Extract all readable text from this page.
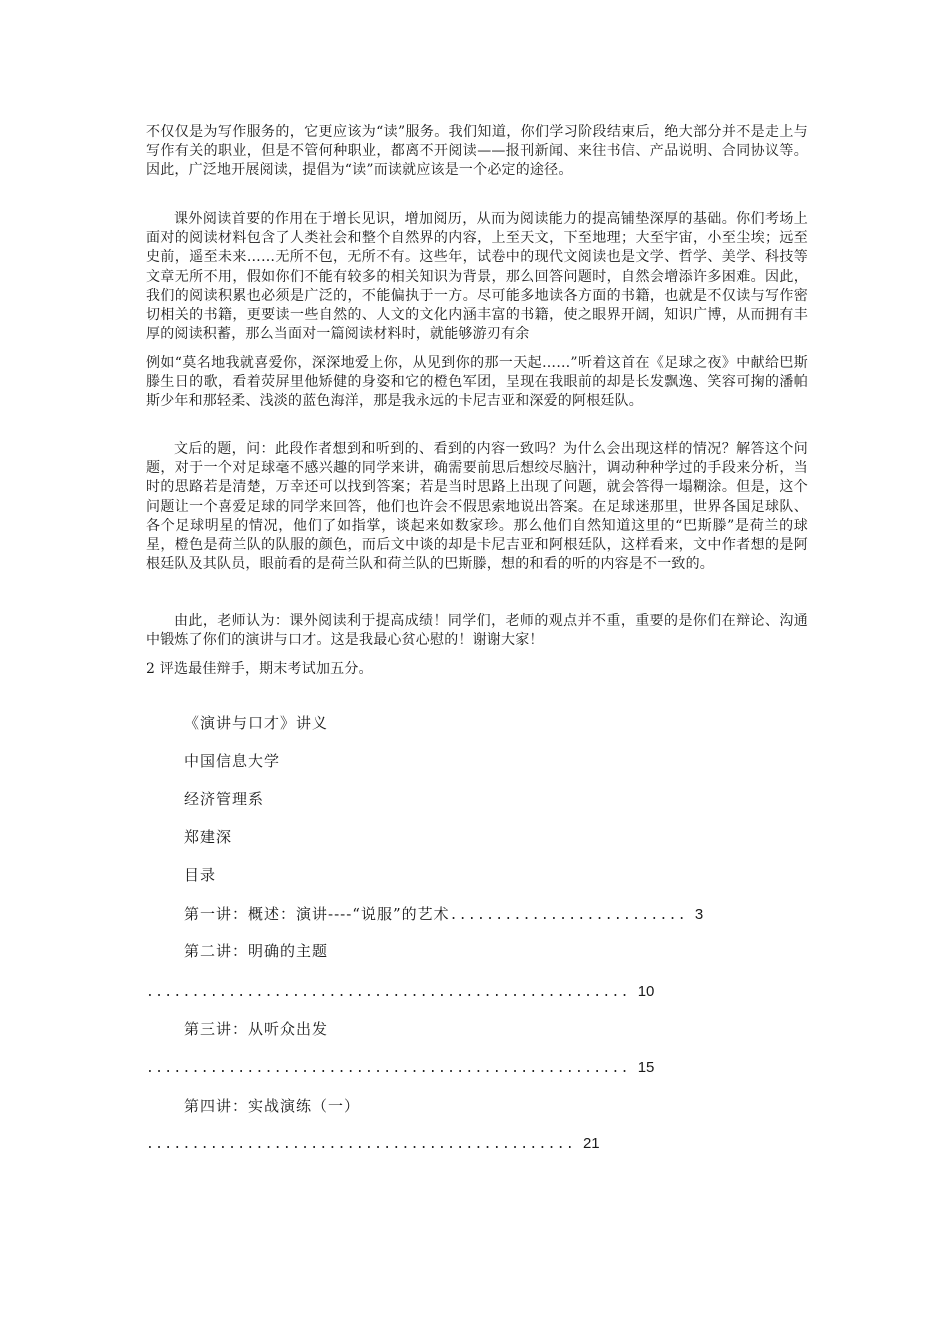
不仅仅是为写作服务的，它更应该为“读”服务。我们知道，你们学习阶段结束后，绝大部分并不是走上与写作有关的职业，但是不管何种职业，都离不开阅读——报刊新闻、来往书信、产品说明、合同协议等。因此，广泛地开展阅读，提倡为“读”而读就应该是一个必定的途径。

课外阅读首要的作用在于增长见识，增加阅历，从而为阅读能力的提高铺垫深厚的基础。你们考场上面对的阅读材料包含了人类社会和整个自然界的内容，上至天文，下至地理；大至宇宙，小至尘埃；远至史前，遥至未来……无所不包，无所不有。这些年，试卷中的现代文阅读也是文学、哲学、美学、科技等文章无所不用，假如你们不能有较多的相关知识为背景，那么回答问题时，自然会增添许多困难。因此，我们的阅读积累也必须是广泛的，不能偏执于一方。尽可能多地读各方面的书籍，也就是不仅读与写作密切相关的书籍，更要读一些自然的、人文的文化内涵丰富的书籍，使之眼界开阔，知识广博，从而拥有丰厚的阅读积蓄，那么当面对一篇阅读材料时，就能够游刃有余

例如“莫名地我就喜爱你，深深地爱上你，从见到你的那一天起……”听着这首在《足球之夜》中献给巴斯滕生日的歌，看着荧屏里他矫健的身姿和它的橙色军团，呈现在我眼前的却是长发飘逸、笑容可掬的潘帕斯少年和那轻柔、浅淡的蓝色海洋，那是我永远的卡尼吉亚和深爱的阿根廷队。

文后的题，问：此段作者想到和听到的、看到的内容一致吗？为什么会出现这样的情况？解答这个问题，对于一个对足球毫不感兴趣的同学来讲，确需要前思后想绞尽脑汁，调动种种学过的手段来分析，当时的思路若是清楚，万幸还可以找到答案；若是当时思路上出现了问题，就会答得一塌糊涂。但是，这个问题让一个喜爱足球的同学来回答，他们也许会不假思索地说出答案。在足球迷那里，世界各国足球队、各个足球明星的情况，他们了如指掌，谈起来如数家珍。那么他们自然知道这里的“巴斯滕”是荷兰的球星，橙色是荷兰队的队服的颜色，而后文中谈的却是卡尼吉亚和阿根廷队，这样看来，文中作者想的是阿根廷队及其队员，眼前看的是荷兰队和荷兰队的巴斯滕，想的和看的听的内容是不一致的。

由此，老师认为：课外阅读利于提高成绩！同学们，老师的观点并不重，重要的是你们在辩论、沟通中锻炼了你们的演讲与口才。这是我最心贫心慰的！谢谢大家！

2 评选最佳辩手，期末考试加五分。

《演讲与口才》讲义

中国信息大学

经济管理系

郑建深

目录

第一讲：概述：演讲----“说服”的艺术 .......................... 3

第二讲：明确的主题

..................................................... 10

第三讲：从听众出发

..................................................... 15

第四讲：实战演练（一）

............................................... 21
